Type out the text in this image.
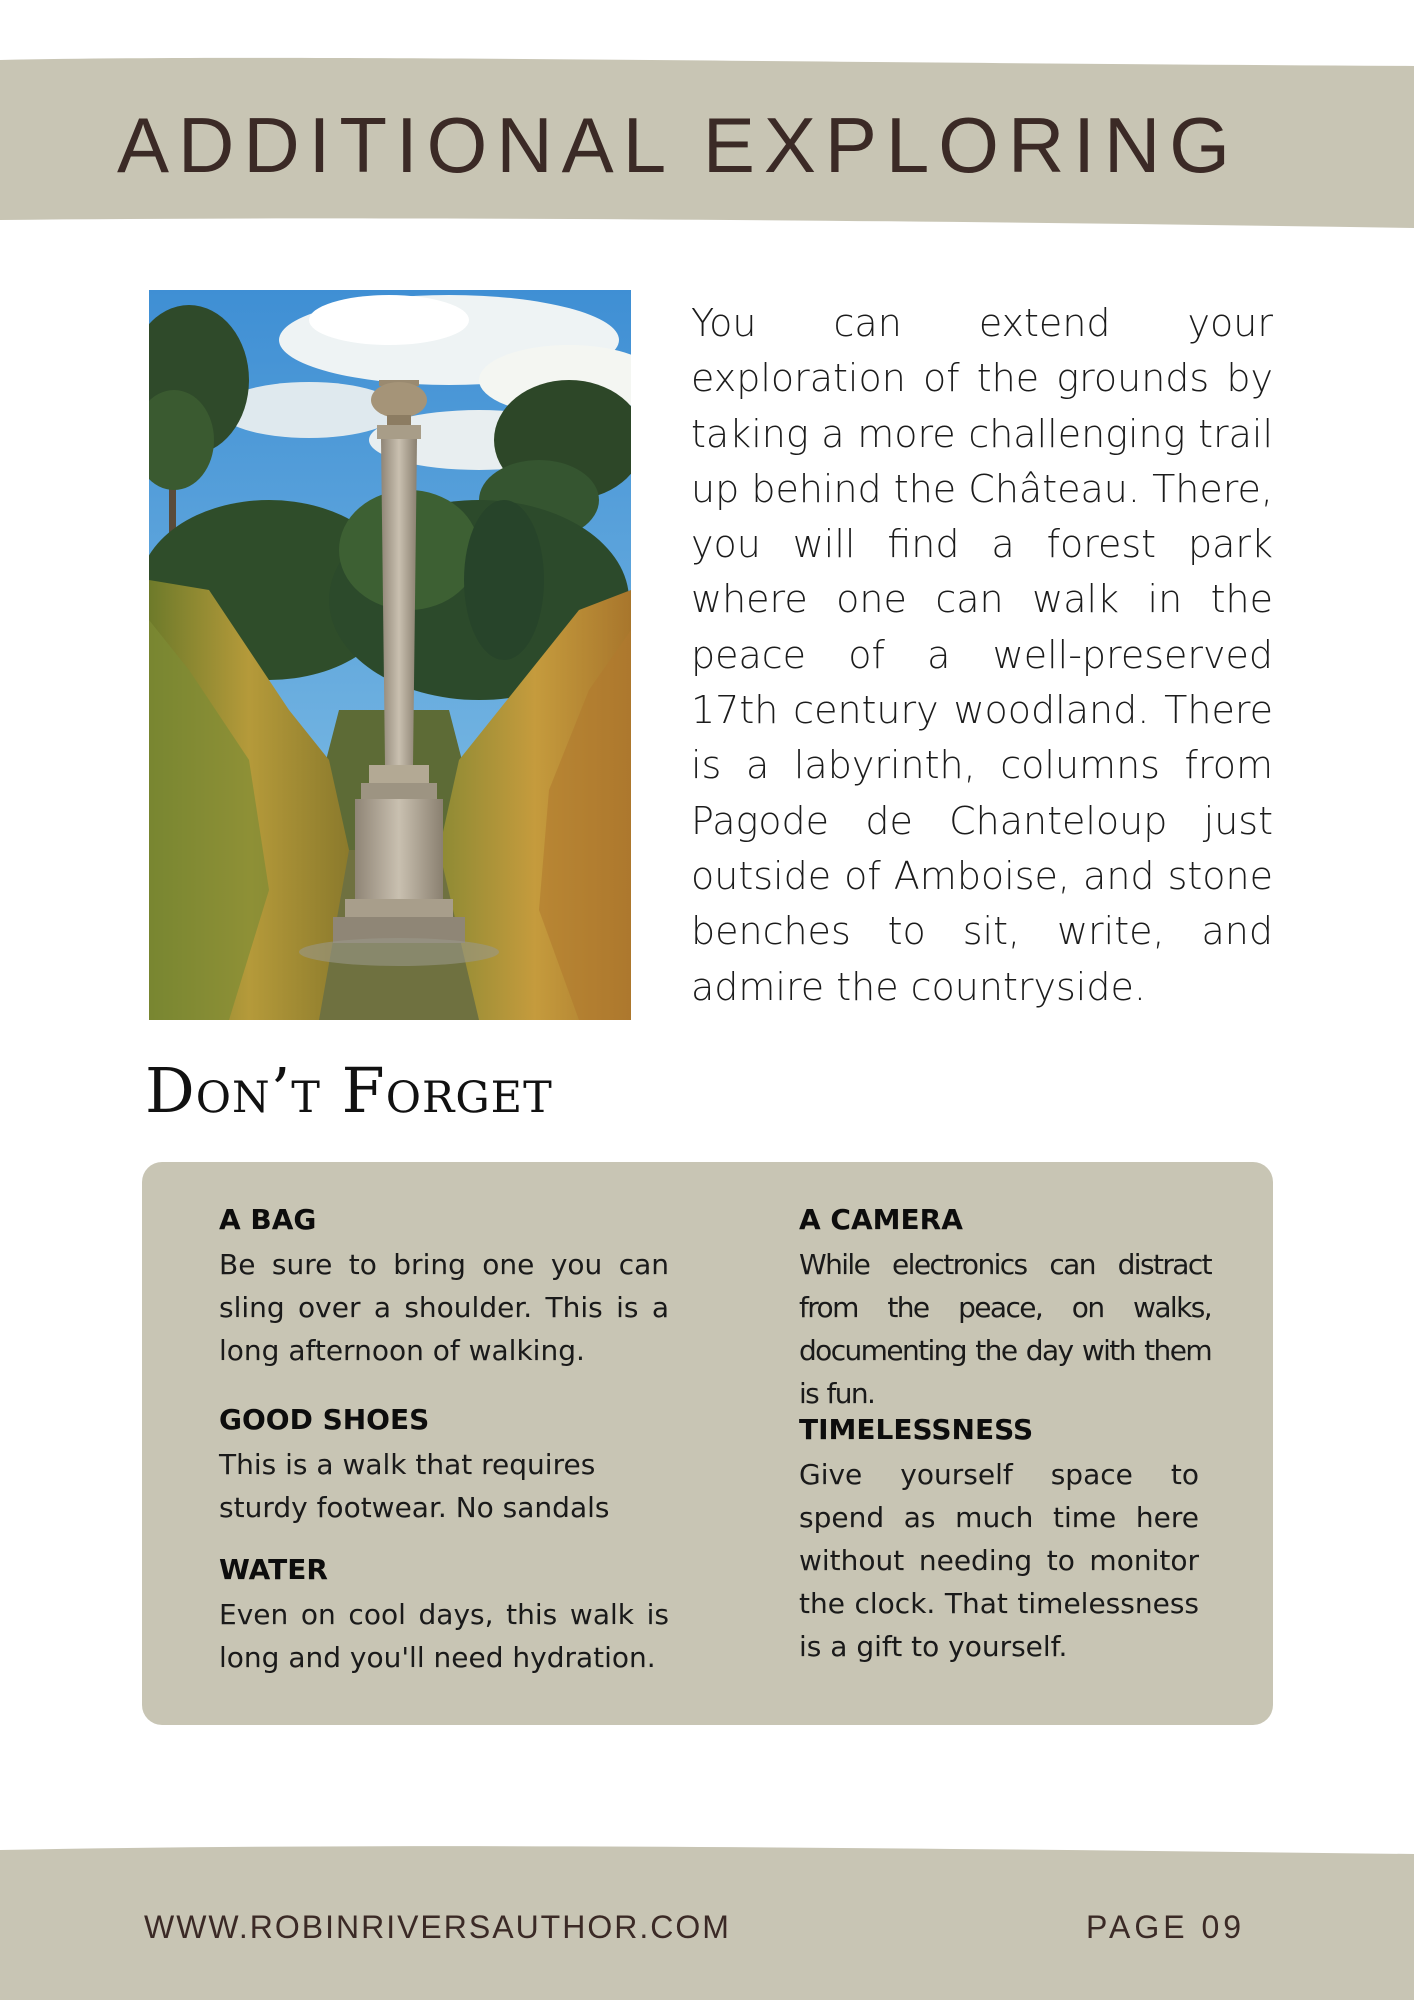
ADDITIONAL EXPLORING

You can extend your exploration of the grounds by taking a more challenging trail up behind the Château. There, you will find a forest park where one can walk in the peace of a well-preserved 17th century woodland. There is a labyrinth, columns from Pagode de Chanteloup just outside of Amboise, and stone benches to sit, write, and admire the countryside.

Don’t Forget

A BAG

Be sure to bring one you can sling over a shoulder. This is a long afternoon of walking.

GOOD SHOES

This is a walk that requires
sturdy footwear. No sandals

WATER

Even on cool days, this walk is long and you'll need hydration.

A CAMERA

While electronics can distract from the peace, on walks, documenting the day with them is fun.

TIMELESSNESS

Give yourself space to spend as much time here without needing to monitor the clock. That timelessness is a gift to yourself.

WWW.ROBINRIVERSAUTHOR.COM	PAGE 09
